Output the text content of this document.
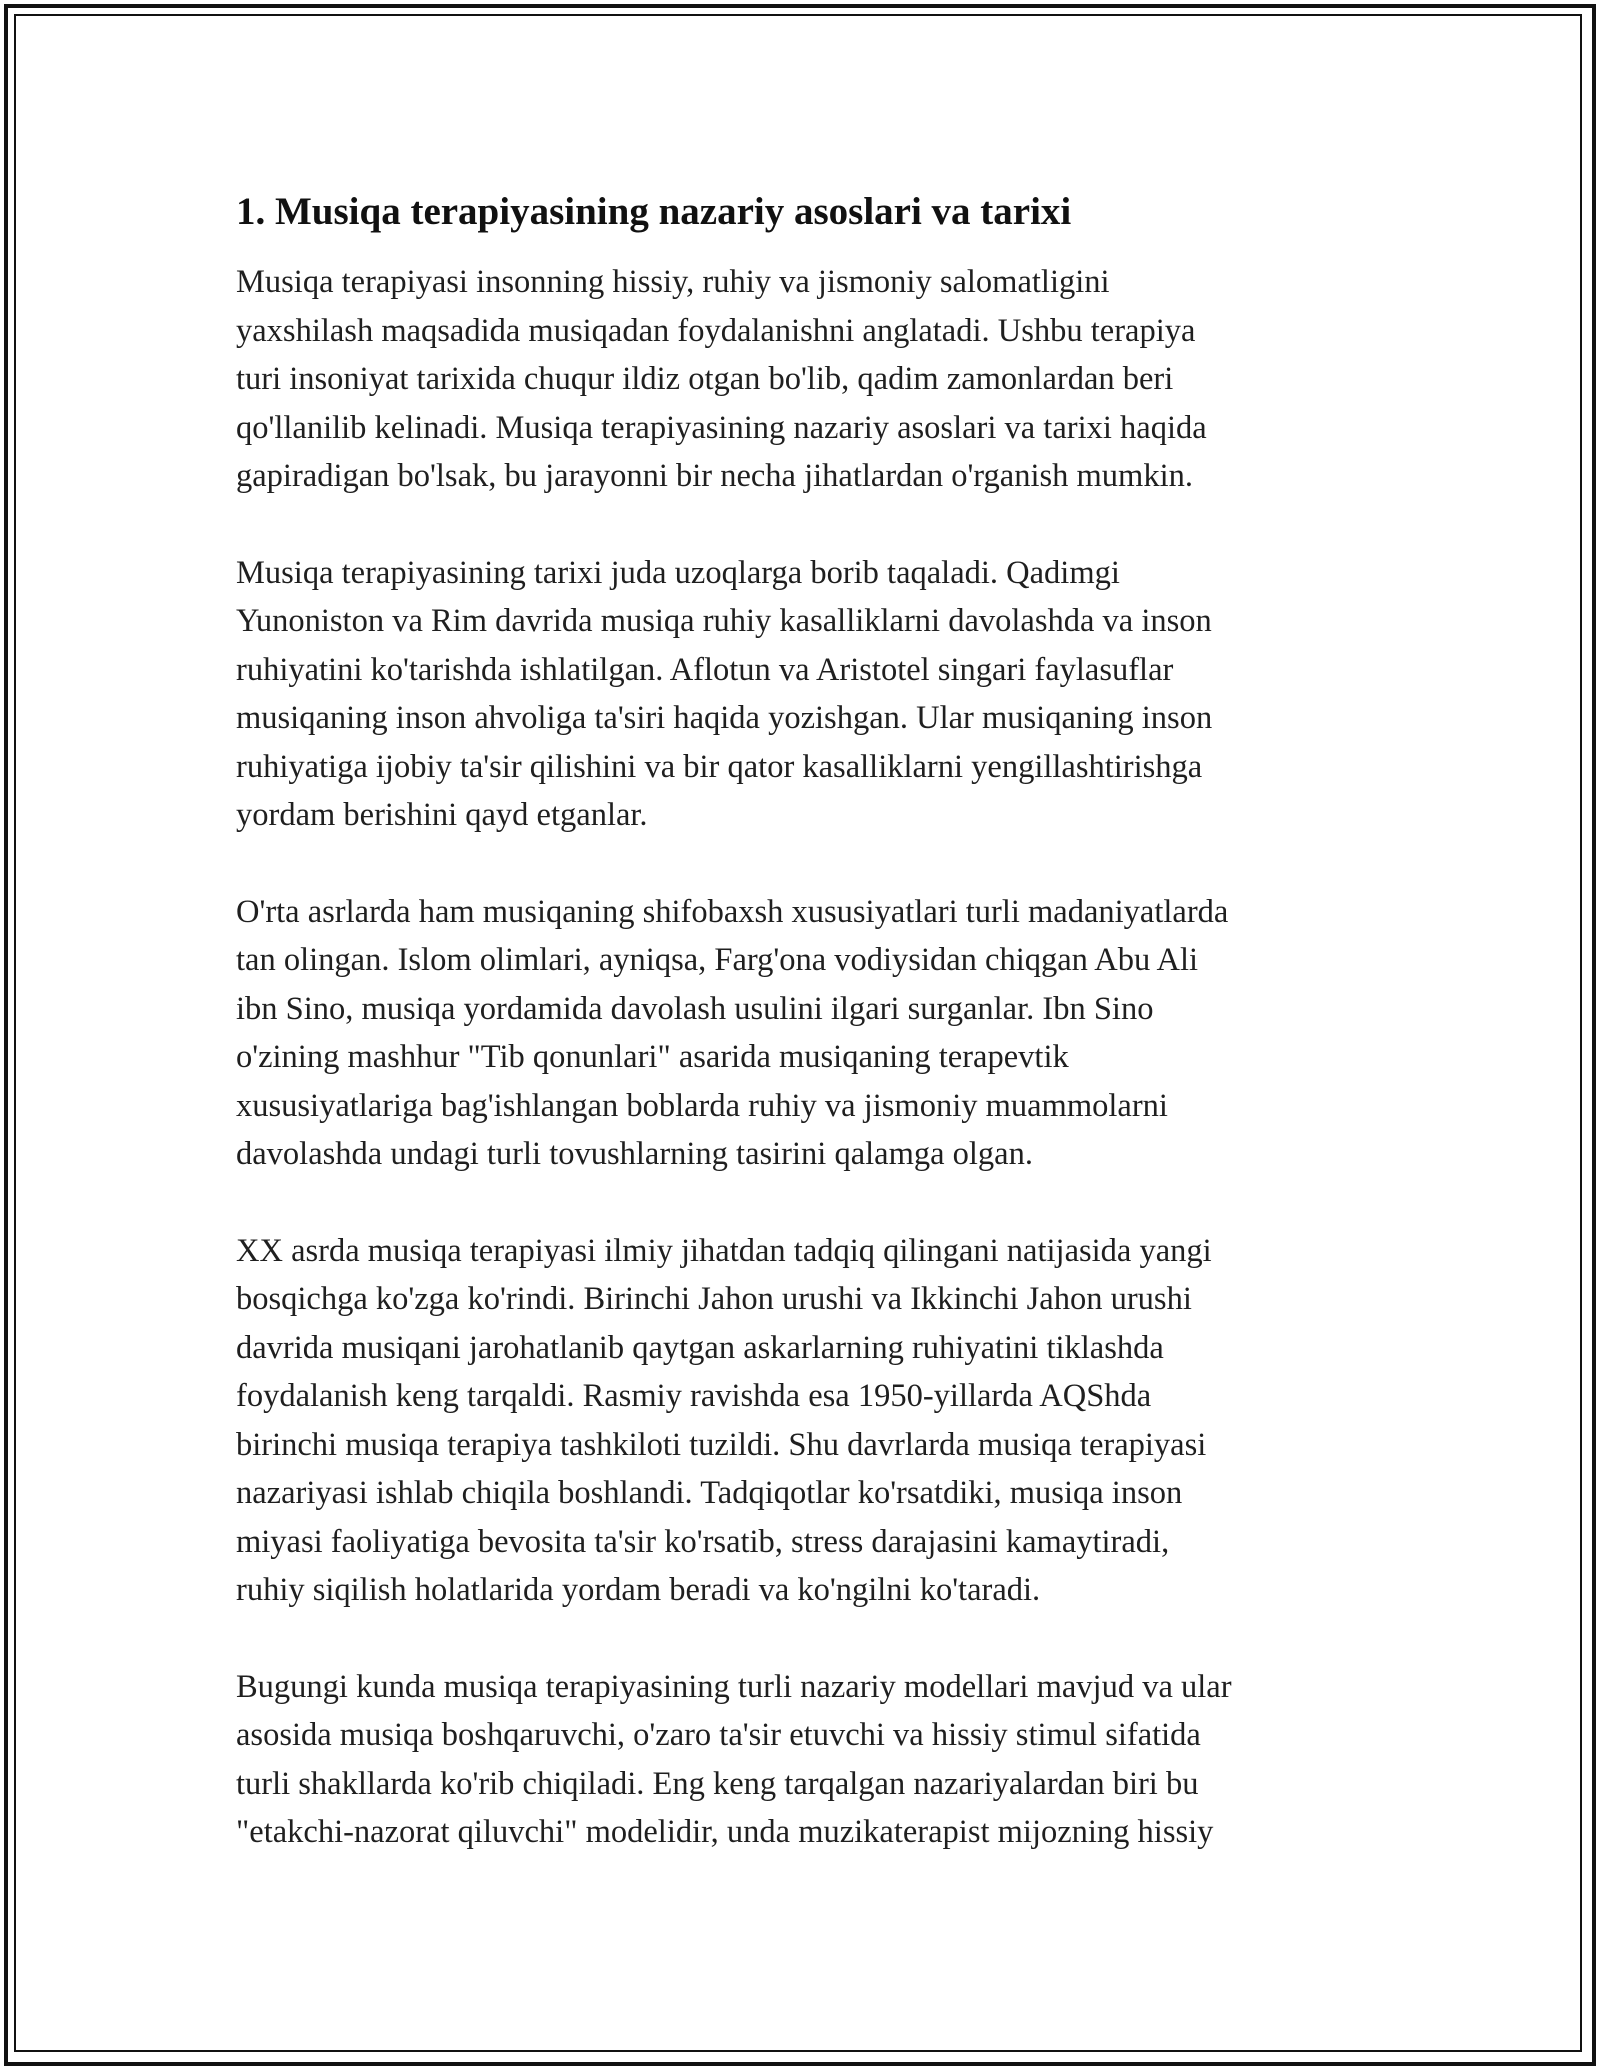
1. Musiqa terapiyasining nazariy asoslari va tarixi

Musiqa terapiyasi insonning hissiy, ruhiy va jismoniy salomatligini
yaxshilash maqsadida musiqadan foydalanishni anglatadi. Ushbu terapiya
turi insoniyat tarixida chuqur ildiz otgan bo'lib, qadim zamonlardan beri
qo'llanilib kelinadi. Musiqa terapiyasining nazariy asoslari va tarixi haqida
gapiradigan bo'lsak, bu jarayonni bir necha jihatlardan o'rganish mumkin.

Musiqa terapiyasining tarixi juda uzoqlarga borib taqaladi. Qadimgi
Yunoniston va Rim davrida musiqa ruhiy kasalliklarni davolashda va inson
ruhiyatini ko'tarishda ishlatilgan. Aflotun va Aristotel singari faylasuflar
musiqaning inson ahvoliga ta'siri haqida yozishgan. Ular musiqaning inson
ruhiyatiga ijobiy ta'sir qilishini va bir qator kasalliklarni yengillashtirishga
yordam berishini qayd etganlar.

O'rta asrlarda ham musiqaning shifobaxsh xususiyatlari turli madaniyatlarda
tan olingan. Islom olimlari, ayniqsa, Farg'ona vodiysidan chiqgan Abu Ali
ibn Sino, musiqa yordamida davolash usulini ilgari surganlar. Ibn Sino
o'zining mashhur "Tib qonunlari" asarida musiqaning terapevtik
xususiyatlariga bag'ishlangan boblarda ruhiy va jismoniy muammolarni
davolashda undagi turli tovushlarning tasirini qalamga olgan.

XX asrda musiqa terapiyasi ilmiy jihatdan tadqiq qilingani natijasida yangi
bosqichga ko'zga ko'rindi. Birinchi Jahon urushi va Ikkinchi Jahon urushi
davrida musiqani jarohatlanib qaytgan askarlarning ruhiyatini tiklashda
foydalanish keng tarqaldi. Rasmiy ravishda esa 1950-yillarda AQShda
birinchi musiqa terapiya tashkiloti tuzildi. Shu davrlarda musiqa terapiyasi
nazariyasi ishlab chiqila boshlandi. Tadqiqotlar ko'rsatdiki, musiqa inson
miyasi faoliyatiga bevosita ta'sir ko'rsatib, stress darajasini kamaytiradi,
ruhiy siqilish holatlarida yordam beradi va ko'ngilni ko'taradi.

Bugungi kunda musiqa terapiyasining turli nazariy modellari mavjud va ular
asosida musiqa boshqaruvchi, o'zaro ta'sir etuvchi va hissiy stimul sifatida
turli shakllarda ko'rib chiqiladi. Eng keng tarqalgan nazariyalardan biri bu
"etakchi-nazorat qiluvchi" modelidir, unda muzikaterapist mijozning hissiy
